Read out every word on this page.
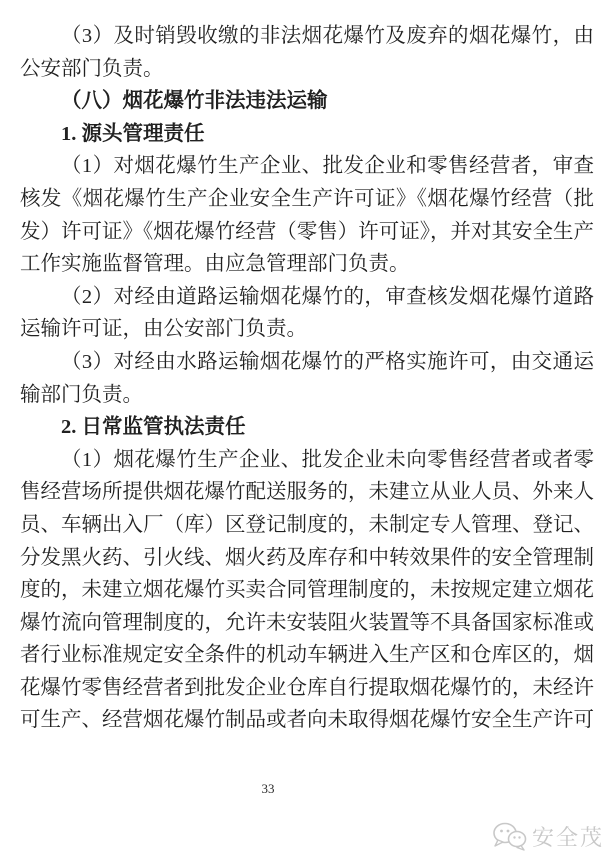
（3）及时销毁收缴的非法烟花爆竹及废弃的烟花爆竹，由公安部门负责。

（八）烟花爆竹非法违法运输

1. 源头管理责任

（1）对烟花爆竹生产企业、批发企业和零售经营者，审查核发《烟花爆竹生产企业安全生产许可证》《烟花爆竹经营（批发）许可证》《烟花爆竹经营（零售）许可证》，并对其安全生产工作实施监督管理。由应急管理部门负责。

（2）对经由道路运输烟花爆竹的，审查核发烟花爆竹道路运输许可证，由公安部门负责。

（3）对经由水路运输烟花爆竹的严格实施许可，由交通运输部门负责。

2. 日常监管执法责任

（1）烟花爆竹生产企业、批发企业未向零售经营者或者零售经营场所提供烟花爆竹配送服务的，未建立从业人员、外来人员、车辆出入厂（库）区登记制度的，未制定专人管理、登记、分发黑火药、引火线、烟火药及库存和中转效果件的安全管理制度的，未建立烟花爆竹买卖合同管理制度的，未按规定建立烟花爆竹流向管理制度的，允许未安装阻火装置等不具备国家标准或者行业标准规定安全条件的机动车辆进入生产区和仓库区的，烟花爆竹零售经营者到批发企业仓库自行提取烟花爆竹的，未经许可生产、经营烟花爆竹制品或者向未取得烟花爆竹安全生产许可

33
安全茂
